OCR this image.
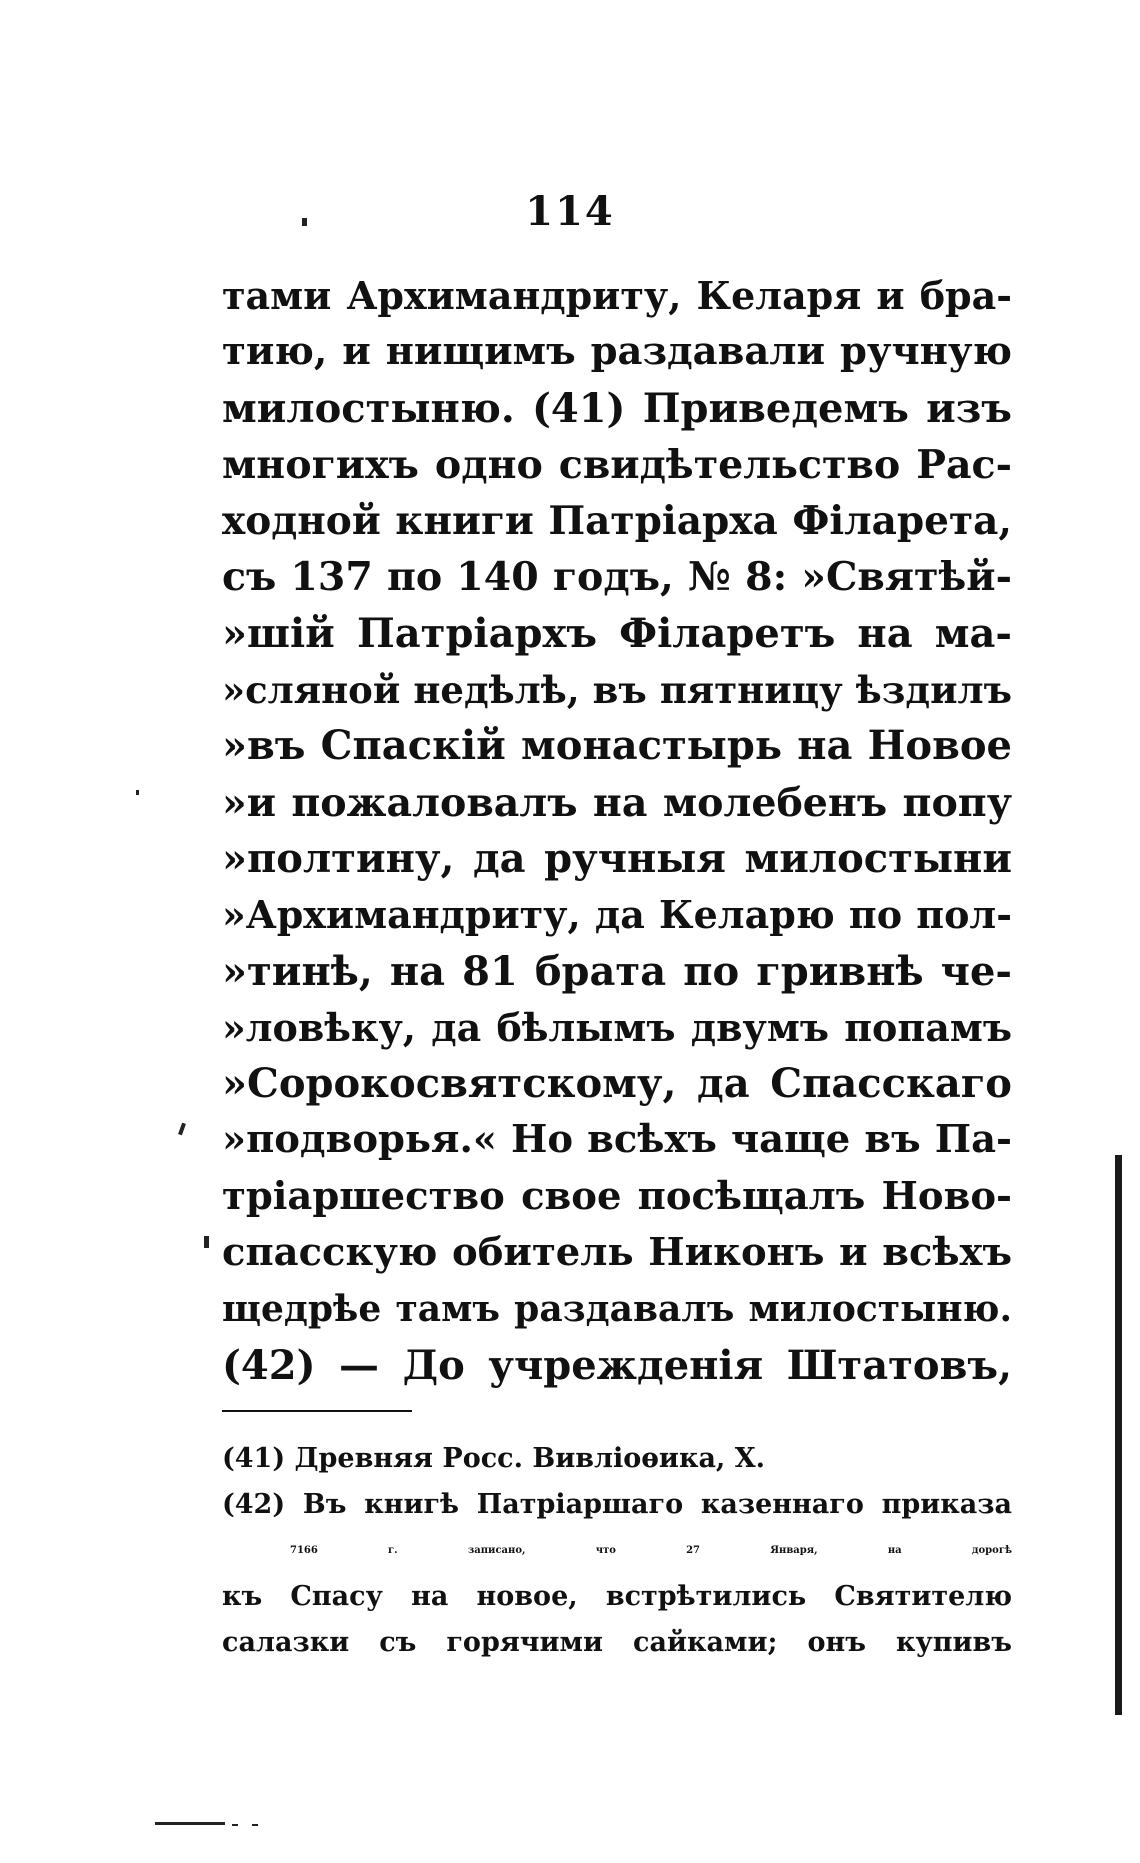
114
тами Архимандриту, Келаря и бра-
тию, и нищимъ раздавали ручную
милостыню. (41) Приведемъ изъ
многихъ одно свидѣтельство Рас-
ходной книги Патріарха Філарета,
съ 137 по 140 годъ, № 8: »Святѣй-
»шій Патріархъ Філаретъ на ма-
»сляной недѣлѣ, въ пятницу ѣздилъ
»въ Спаскій монастырь на Новое
»и пожаловалъ на молебенъ попу
»полтину, да ручныя милостыни
»Архимандриту, да Келарю по пол-
»тинѣ, на 81 брата по гривнѣ че-
»ловѣку, да бѣлымъ двумъ попамъ
»Сорокосвятскому, да Спасскаго
»подворья.« Но всѣхъ чаще въ Па-
тріаршество свое посѣщалъ Ново-
спасскую обитель Никонъ и всѣхъ
щедрѣе тамъ раздавалъ милостыню.
(42) — До учрежденія Штатовъ,
(41) Древняя Росс. Вивліоѳика, X.
(42) Въ книгѣ Патріаршаго казеннаго приказа
7166 г. записано, что 27 Января, на дорогѣ
къ Спасу на новое, встрѣтились Святителю
салазки съ горячими сайками; онъ купивъ
